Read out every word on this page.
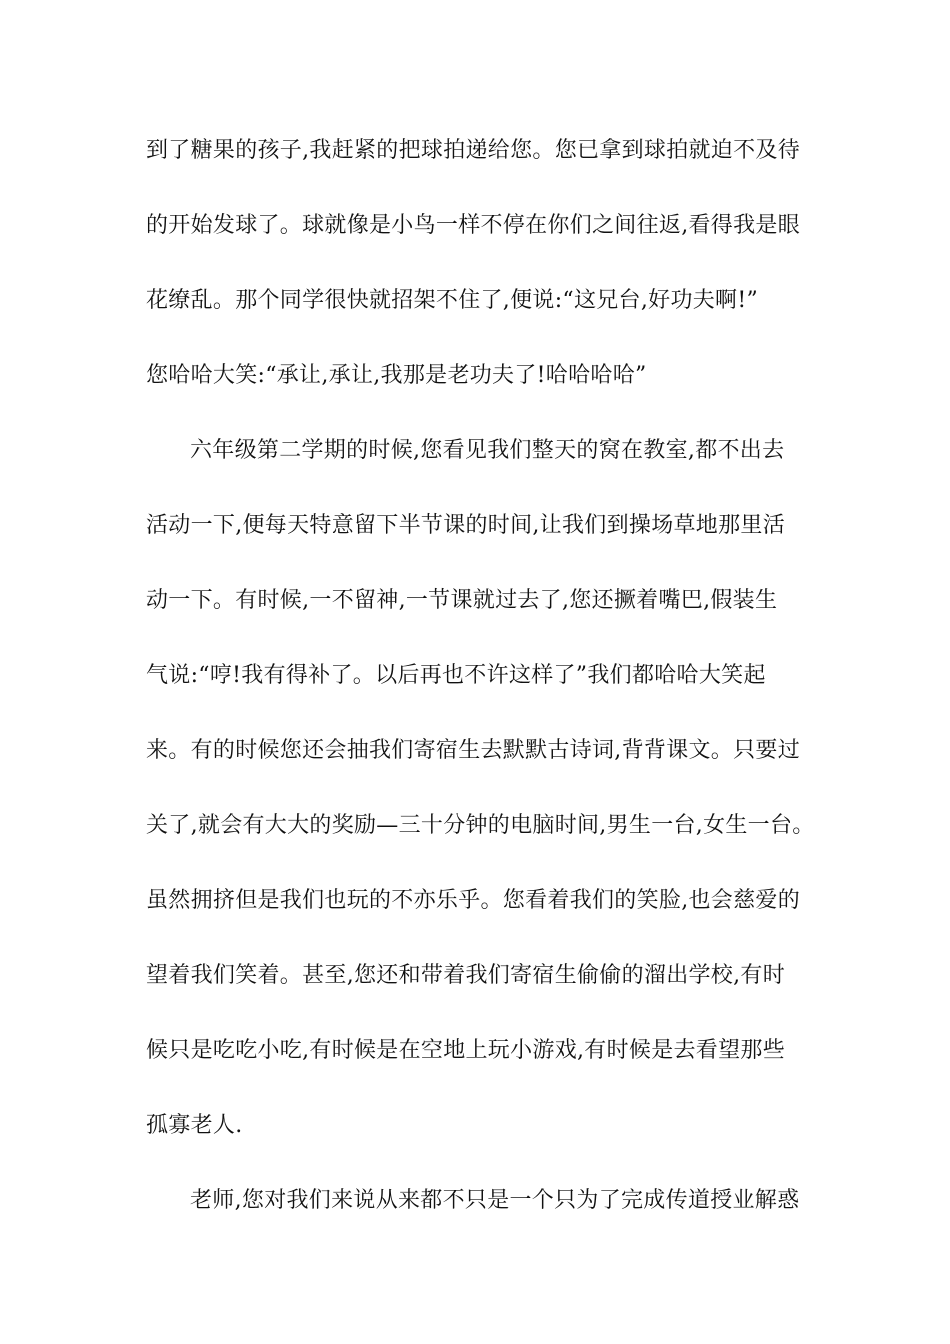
到了糖果的孩子,我赶紧的把球拍递给您。您已拿到球拍就迫不及待
的开始发球了。球就像是小鸟一样不停在你们之间往返,看得我是眼
花缭乱。那个同学很快就招架不住了,便说:“这兄台,好功夫啊!”
您哈哈大笑:“承让,承让,我那是老功夫了!哈哈哈哈”
六年级第二学期的时候,您看见我们整天的窝在教室,都不出去
活动一下,便每天特意留下半节课的时间,让我们到操场草地那里活
动一下。有时候,一不留神,一节课就过去了,您还撅着嘴巴,假装生
气说:“哼!我有得补了。以后再也不许这样了”我们都哈哈大笑起
来。有的时候您还会抽我们寄宿生去默默古诗词,背背课文。只要过
关了,就会有大大的奖励—三十分钟的电脑时间,男生一台,女生一台。
虽然拥挤但是我们也玩的不亦乐乎。您看着我们的笑脸,也会慈爱的
望着我们笑着。甚至,您还和带着我们寄宿生偷偷的溜出学校,有时
候只是吃吃小吃,有时候是在空地上玩小游戏,有时候是去看望那些
孤寡老人.
老师,您对我们来说从来都不只是一个只为了完成传道授业解惑
